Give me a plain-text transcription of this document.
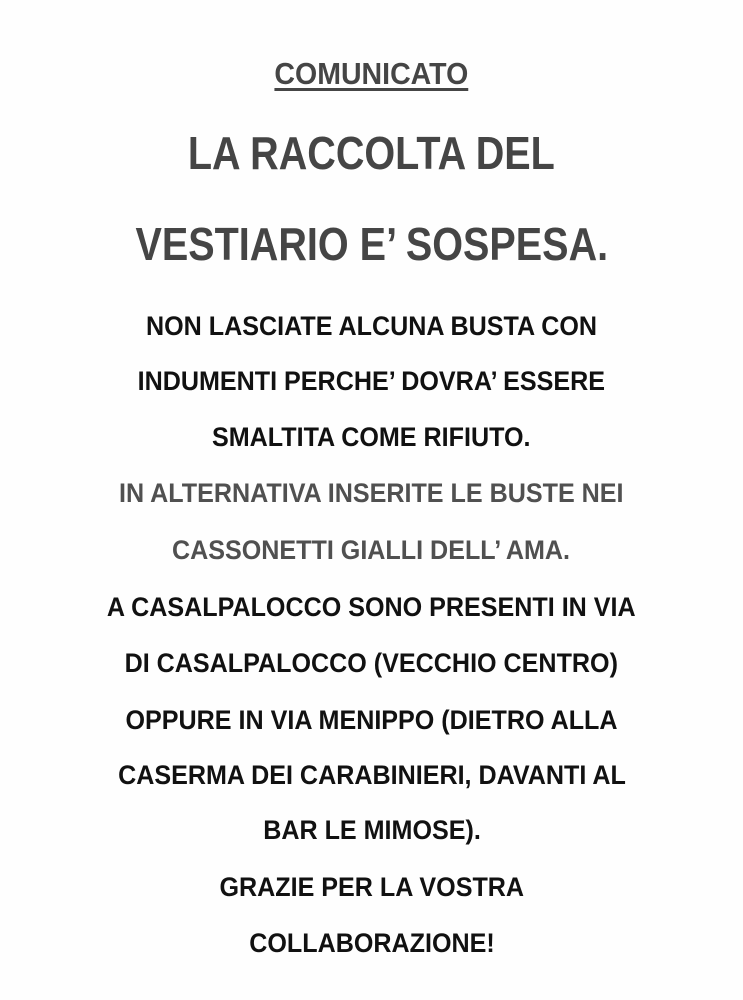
COMUNICATO
LA RACCOLTA DEL
VESTIARIO E’ SOSPESA.
NON LASCIATE ALCUNA BUSTA CON
INDUMENTI PERCHE’ DOVRA’ ESSERE
SMALTITA COME RIFIUTO.
IN ALTERNATIVA INSERITE LE BUSTE NEI
CASSONETTI GIALLI DELL’ AMA.
A CASALPALOCCO SONO PRESENTI IN VIA
DI CASALPALOCCO (VECCHIO CENTRO)
OPPURE IN VIA MENIPPO (DIETRO ALLA
CASERMA DEI CARABINIERI, DAVANTI AL
BAR LE MIMOSE).
GRAZIE PER LA VOSTRA
COLLABORAZIONE!
